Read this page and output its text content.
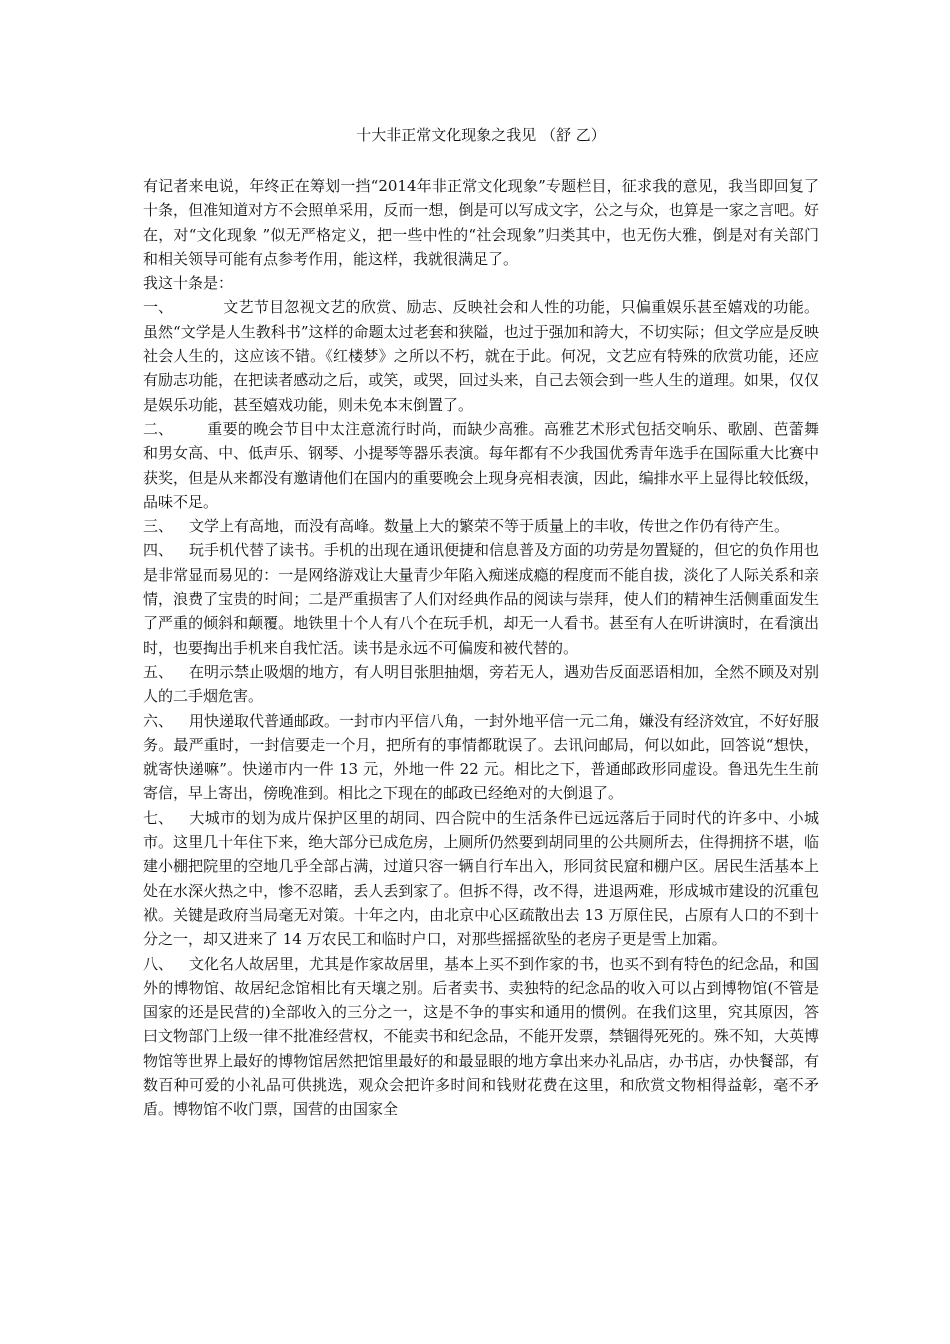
十大非正常文化现象之我见 （舒 乙）

有记者来电说，年终正在筹划一挡“2014年非正常文化现象”专题栏目，征求我的意见，我当即回复了十条，但准知道对方不会照单采用，反而一想，倒是可以写成文字，公之与众，也算是一家之言吧。好在，对“文化现象 ”似无严格定义，把一些中性的“社会现象”归类其中，也无伤大雅，倒是对有关部门和相关领导可能有点参考作用，能这样，我就很满足了。

我这十条是：

一、	文艺节目忽视文艺的欣赏、励志、反映社会和人性的功能，只偏重娱乐甚至嬉戏的功能。虽然“文学是人生教科书”这样的命题太过老套和狭隘，也过于强加和誇大，不切实际；但文学应是反映社会人生的，这应该不错。《红楼梦》之所以不朽，就在于此。何况，文艺应有特殊的欣赏功能，还应有励志功能，在把读者感动之后，或笑，或哭，回过头来，自己去领会到一些人生的道理。如果，仅仅是娱乐功能，甚至嬉戏功能，则未免本末倒置了。

二、 重要的晚会节目中太注意流行时尚，而缺少高雅。高雅艺术形式包括交响乐、歌剧、芭蕾舞和男女高、中、低声乐、钢琴、小提琴等器乐表演。每年都有不少我国优秀青年选手在国际重大比赛中获奖，但是从来都没有邀请他们在国内的重要晚会上现身亮相表演，因此，编排水平上显得比较低级，品味不足。

三、 文学上有高地，而没有高峰。数量上大的繁荣不等于质量上的丰收，传世之作仍有待产生。

四、 玩手机代替了读书。手机的出现在通讯便捷和信息普及方面的功劳是勿置疑的，但它的负作用也是非常显而易见的：一是网络游戏让大量青少年陷入痴迷成瘾的程度而不能自拔，淡化了人际关系和亲情，浪费了宝贵的时间；二是严重损害了人们对经典作品的阅读与崇拜，使人们的精神生活侧重面发生了严重的倾斜和颠覆。地铁里十个人有八个在玩手机，却无一人看书。甚至有人在听讲演时，在看演出时，也要掏出手机来自我忙活。读书是永远不可偏废和被代替的。

五、 在明示禁止吸烟的地方，有人明目张胆抽烟，旁若无人，遇劝告反面恶语相加，全然不顾及对别人的二手烟危害。

六、 用快递取代普通邮政。一封市内平信八角，一封外地平信一元二角，嫌没有经济效宜，不好好服务。最严重时，一封信要走一个月，把所有的事情都耽误了。去讯问邮局，何以如此，回答说“想快，就寄快递嘛”。快递市内一件 13 元，外地一件 22 元。相比之下，普通邮政形同虚设。鲁迅先生生前寄信，早上寄出，傍晚准到。相比之下现在的邮政已经绝对的大倒退了。

七、 大城市的划为成片保护区里的胡同、四合院中的生活条件已远远落后于同时代的许多中、小城市。这里几十年住下来，绝大部分已成危房，上厕所仍然要到胡同里的公共厕所去，住得拥挤不堪，临建小棚把院里的空地几乎全部占满，过道只容一辆自行车出入，形同贫民窟和棚户区。居民生活基本上处在水深火热之中，惨不忍睹，丢人丢到家了。但拆不得，改不得，进退两难，形成城市建设的沉重包袱。关键是政府当局毫无对策。十年之内，由北京中心区疏散出去 13 万原住民，占原有人口的不到十分之一，却又进来了 14 万农民工和临时户口，对那些摇摇欲坠的老房子更是雪上加霜。

八、 文化名人故居里，尤其是作家故居里，基本上买不到作家的书，也买不到有特色的纪念品，和国外的博物馆、故居纪念馆相比有天壤之别。后者卖书、卖独特的纪念品的收入可以占到博物馆(不管是国家的还是民营的)全部收入的三分之一，这是不争的事实和通用的惯例。在我们这里，究其原因，答曰文物部门上级一律不批准经营权，不能卖书和纪念品，不能开发票，禁锢得死死的。殊不知，大英博物馆等世界上最好的博物馆居然把馆里最好的和最显眼的地方拿出来办礼品店，办书店，办快餐部，有数百种可爱的小礼品可供挑选，观众会把许多时间和钱财花费在这里，和欣赏文物相得益彰，毫不矛盾。博物馆不收门票，国营的由国家全
